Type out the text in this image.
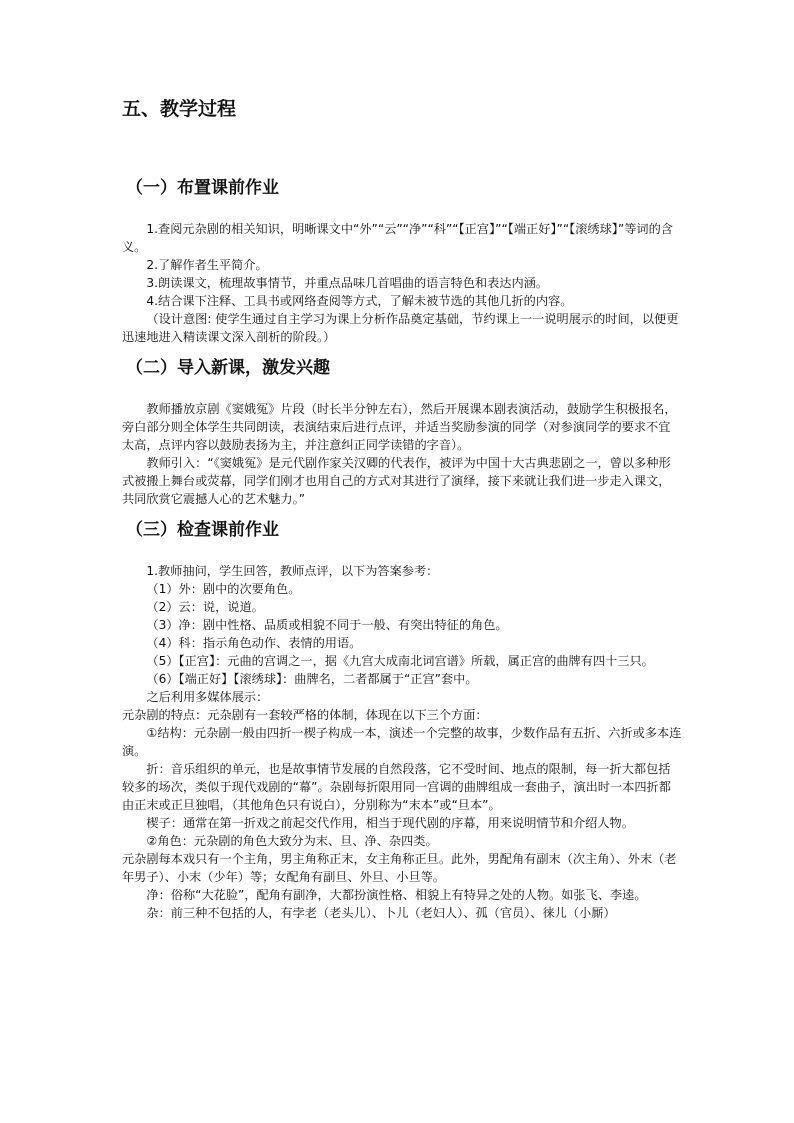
五、教学过程
（一）布置课前作业

1.查阅元杂剧的相关知识，明晰课文中“外”“云”“净”“科”“【正宫】”“【端正好】”“【滚绣球】”等词的含义。

2.了解作者生平简介。

3.朗读课文，梳理故事情节，并重点品味几首唱曲的语言特色和表达内涵。

4.结合课下注释、工具书或网络查阅等方式，了解未被节选的其他几折的内容。

（设计意图: 使学生通过自主学习为课上分析作品奠定基础，节约课上一一说明展示的时间，以便更迅速地进入精读课文深入剖析的阶段。）

（二）导入新课，激发兴趣

教师播放京剧《窦娥冤》片段（时长半分钟左右），然后开展课本剧表演活动，鼓励学生积极报名，旁白部分则全体学生共同朗读，表演结束后进行点评，并适当奖励参演的同学（对参演同学的要求不宜太高，点评内容以鼓励表扬为主，并注意纠正同学读错的字音）。

教师引入：“《窦娥冤》是元代剧作家关汉卿的代表作，被评为中国十大古典悲剧之一，曾以多种形式被搬上舞台或荧幕，同学们刚才也用自己的方式对其进行了演绎，接下来就让我们进一步走入课文，共同欣赏它震撼人心的艺术魅力。”

（三）检查课前作业

1.教师抽问，学生回答，教师点评，以下为答案参考：

（1）外：剧中的次要角色。

（2）云：说，说道。

（3）净：剧中性格、品质或相貌不同于一般、有突出特征的角色。

（4）科：指示角色动作、表情的用语。

（5）【正宫】：元曲的宫调之一，据《九宫大成南北词宫谱》所载，属正宫的曲牌有四十三只。

（6）【端正好】【滚绣球】：曲牌名，二者都属于“正宫”套中。

之后利用多媒体展示：

元杂剧的特点：元杂剧有一套较严格的体制，体现在以下三个方面：

①结构：元杂剧一般由四折一楔子构成一本，演述一个完整的故事，少数作品有五折、六折或多本连演。

折：音乐组织的单元，也是故事情节发展的自然段落，它不受时间、地点的限制，每一折大都包括较多的场次，类似于现代戏剧的“幕”。杂剧每折限用同一宫调的曲牌组成一套曲子，演出时一本四折都由正末或正旦独唱，（其他角色只有说白），分别称为“末本”或“旦本”。

楔子：通常在第一折戏之前起交代作用，相当于现代剧的序幕，用来说明情节和介绍人物。

②角色：元杂剧的角色大致分为末、旦、净、杂四类。

元杂剧每本戏只有一个主角，男主角称正末，女主角称正旦。此外，男配角有副末（次主角）、外末（老年男子）、小末（少年）等；女配角有副旦、外旦、小旦等。

净：俗称“大花脸”，配角有副净，大都扮演性格、相貌上有特异之处的人物。如张飞、李逵。

杂：前三种不包括的人，有孛老（老头儿）、卜儿（老妇人）、孤（官员）、徕儿（小厮）
